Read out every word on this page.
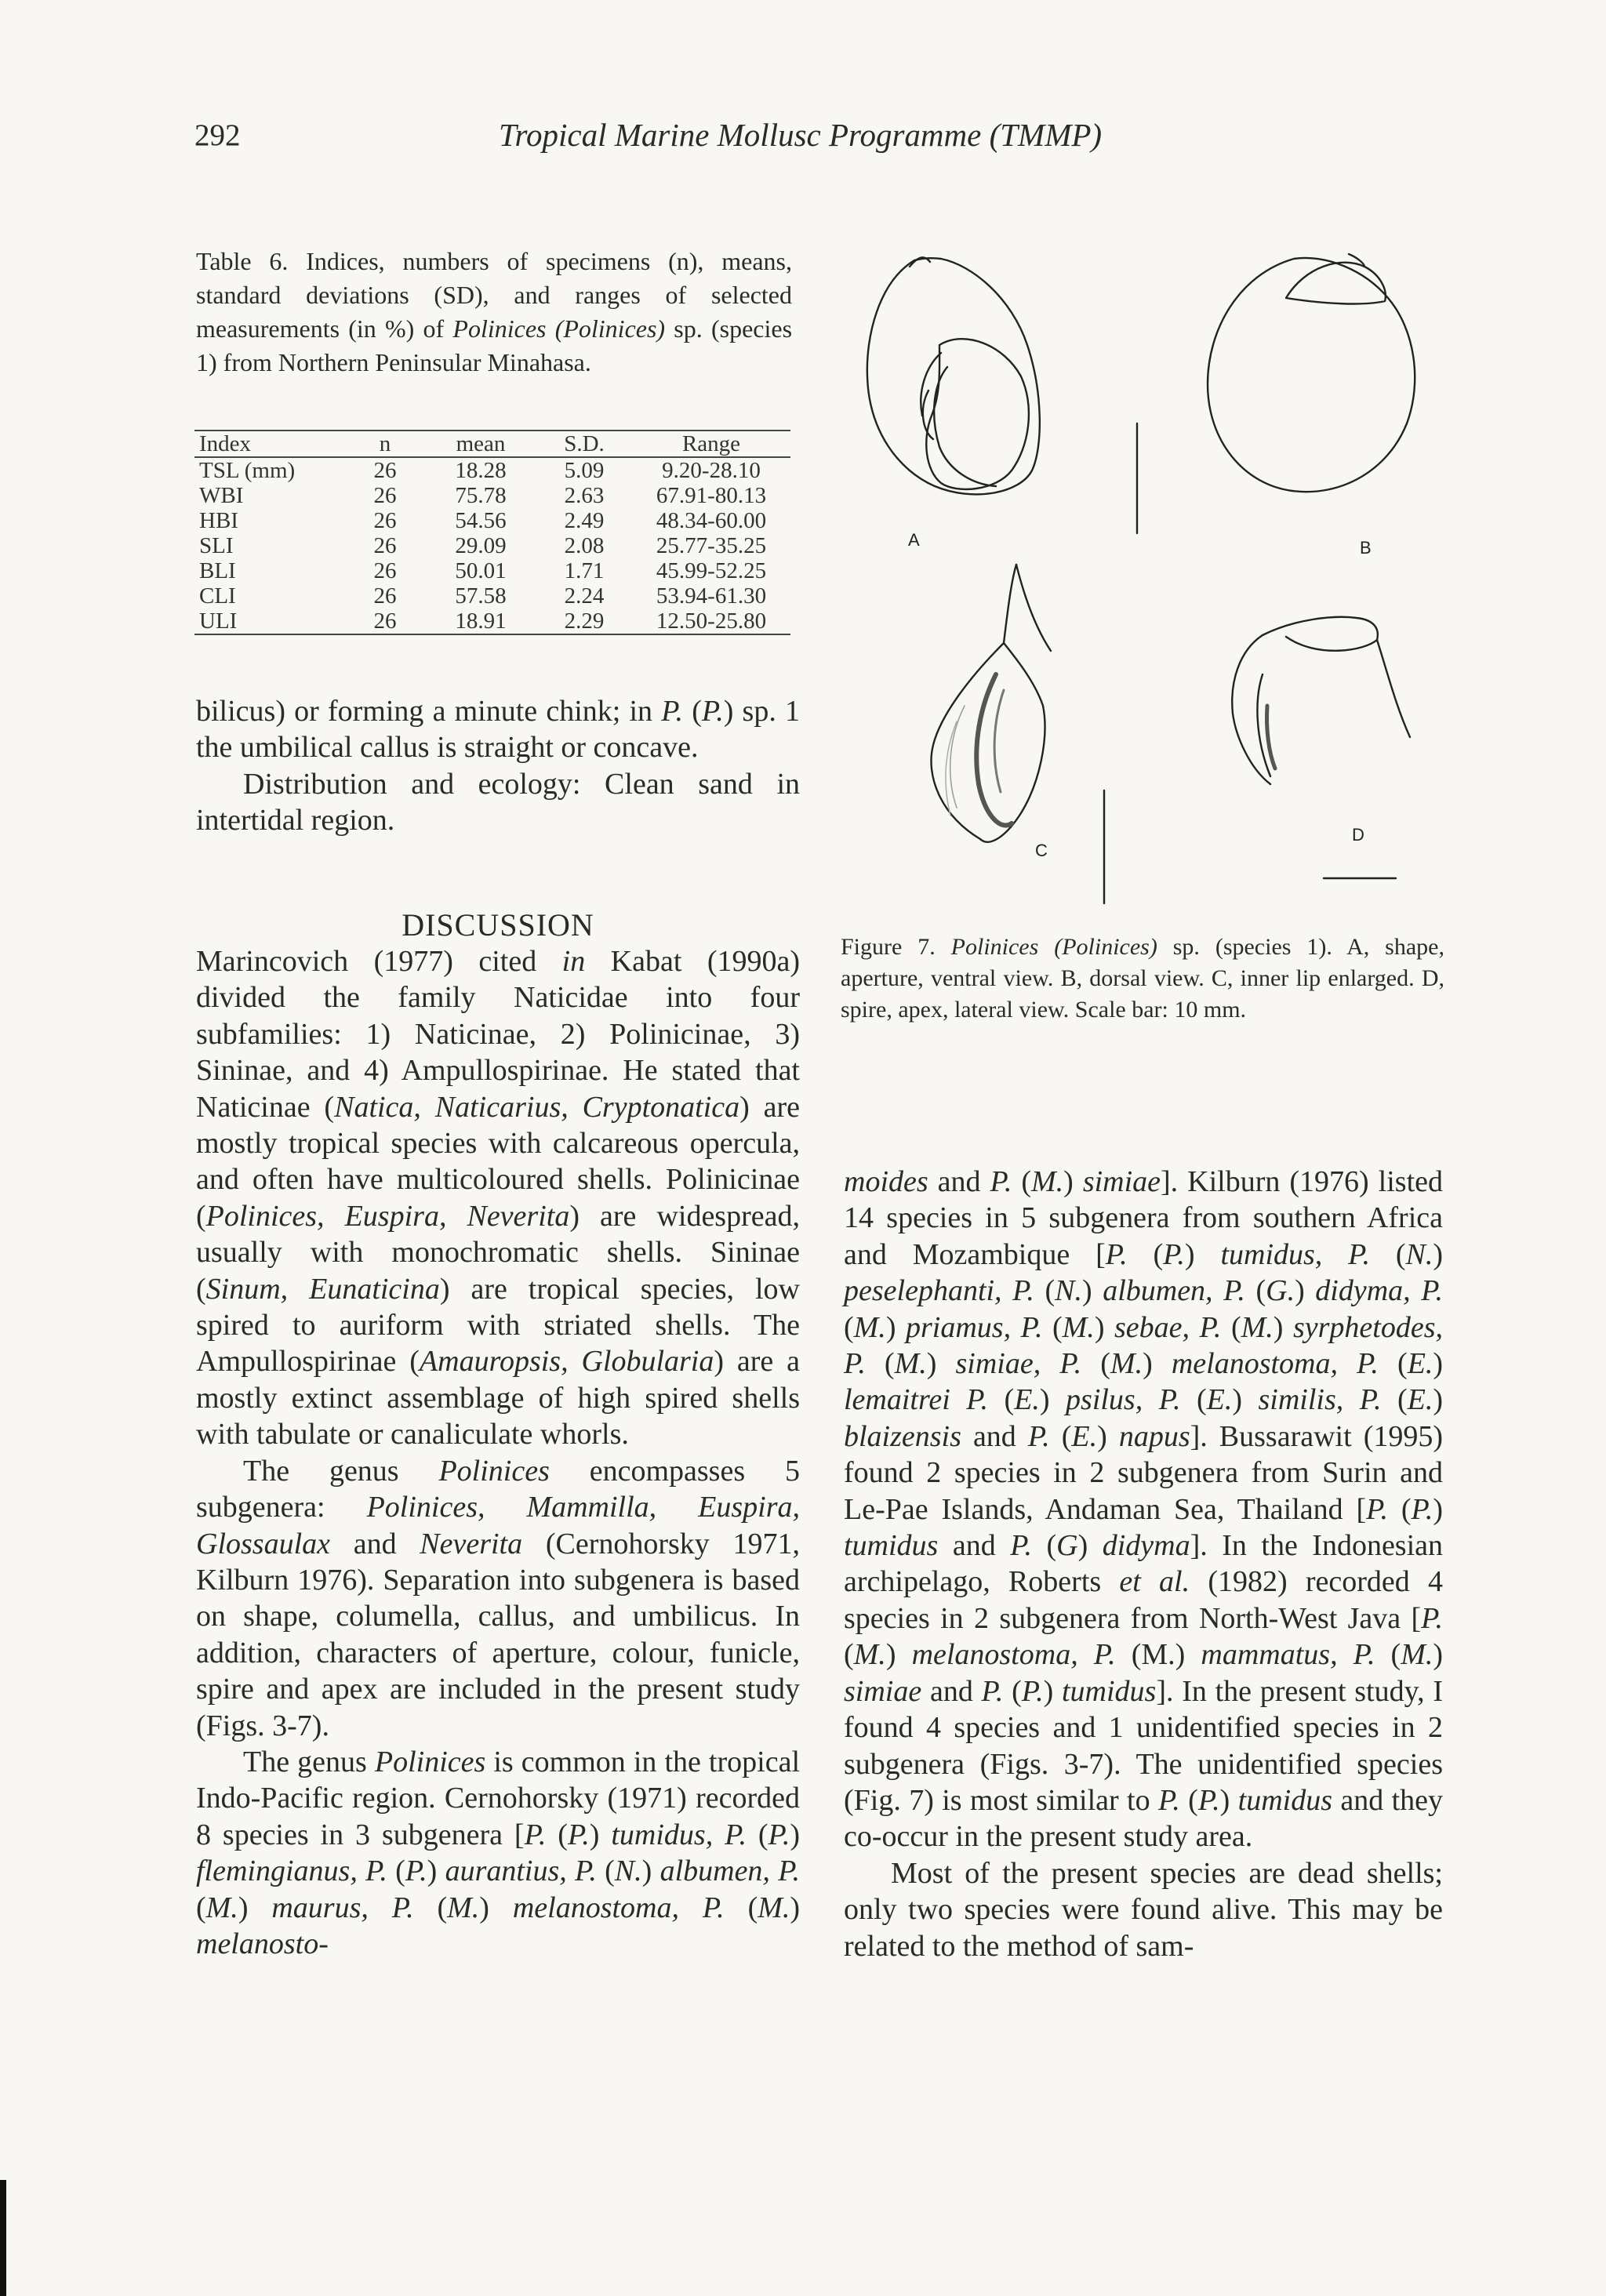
292	Tropical Marine Mollusc Programme (TMMP)
Table 6. Indices, numbers of specimens (n), means, standard deviations (SD), and ranges of selected measurements (in %) of Polinices (Polinices) sp. (species 1) from Northern Peninsular Minahasa.
Index	n	mean	S.D.	Range
TSL (mm)	26	18.28	5.09	9.20-28.10
WBI	26	75.78	2.63	67.91-80.13
HBI	26	54.56	2.49	48.34-60.00
SLI	26	29.09	2.08	25.77-35.25
BLI	26	50.01	1.71	45.99-52.25
CLI	26	57.58	2.24	53.94-61.30
ULI	26	18.91	2.29	12.50-25.80
A	B
C
D
Figure 7. Polinices (Polinices) sp. (species 1). A, shape, aperture, ventral view. B, dorsal view. C, inner lip enlarged. D, spire, apex, lateral view. Scale bar: 10 mm.

bilicus) or forming a minute chink; in P. (P.) sp. 1 the umbilical callus is straight or concave.

Distribution and ecology: Clean sand in intertidal region.

DISCUSSION

Marincovich (1977) cited in Kabat (1990a) divided the family Naticidae into four subfamilies: 1) Naticinae, 2) Polinicinae, 3) Sininae, and 4) Ampullospirinae. He stated that Naticinae (Natica, Naticarius, Cryptonatica) are mostly tropical species with calcareous opercula, and often have multicoloured shells. Polinicinae (Polinices, Euspira, Neverita) are widespread, usually with monochromatic shells. Sininae (Sinum, Eunaticina) are tropical species, low spired to auriform with striated shells. The Ampullospirinae (Amauropsis, Globularia) are a mostly extinct assemblage of high spired shells with tabulate or canaliculate whorls.

The genus Polinices encompasses 5 subgenera: Polinices, Mammilla, Euspira, Glossaulax and Neverita (Cernohorsky 1971, Kilburn 1976). Separation into subgenera is based on shape, columella, callus, and umbilicus. In addition, characters of aperture, colour, funicle, spire and apex are included in the present study (Figs. 3-7).

The genus Polinices is common in the tropical Indo-Pacific region. Cernohorsky (1971) recorded 8 species in 3 subgenera [P. (P.) tumidus, P. (P.) flemingianus, P. (P.) aurantius, P. (N.) albumen, P. (M.) maurus, P. (M.) melanostoma, P. (M.) melanosto-

moides and P. (M.) simiae]. Kilburn (1976) listed 14 species in 5 subgenera from southern Africa and Mozambique [P. (P.) tumidus, P. (N.) peselephanti, P. (N.) albumen, P. (G.) didyma, P. (M.) priamus, P. (M.) sebae, P. (M.) syrphetodes, P. (M.) simiae, P. (M.) melanostoma, P. (E.) lemaitrei P. (E.) psilus, P. (E.) similis, P. (E.) blaizensis and P. (E.) napus]. Bussarawit (1995) found 2 species in 2 subgenera from Surin and Le-Pae Islands, Andaman Sea, Thailand [P. (P.) tumidus and P. (G) didyma]. In the Indonesian archipelago, Roberts et al. (1982) recorded 4 species in 2 subgenera from North-West Java [P. (M.) melanostoma, P. (M.) mammatus, P. (M.) simiae and P. (P.) tumidus]. In the present study, I found 4 species and 1 unidentified species in 2 subgenera (Figs. 3-7). The unidentified species (Fig. 7) is most similar to P. (P.) tumidus and they co-occur in the present study area.

Most of the present species are dead shells; only two species were found alive. This may be related to the method of sam-
